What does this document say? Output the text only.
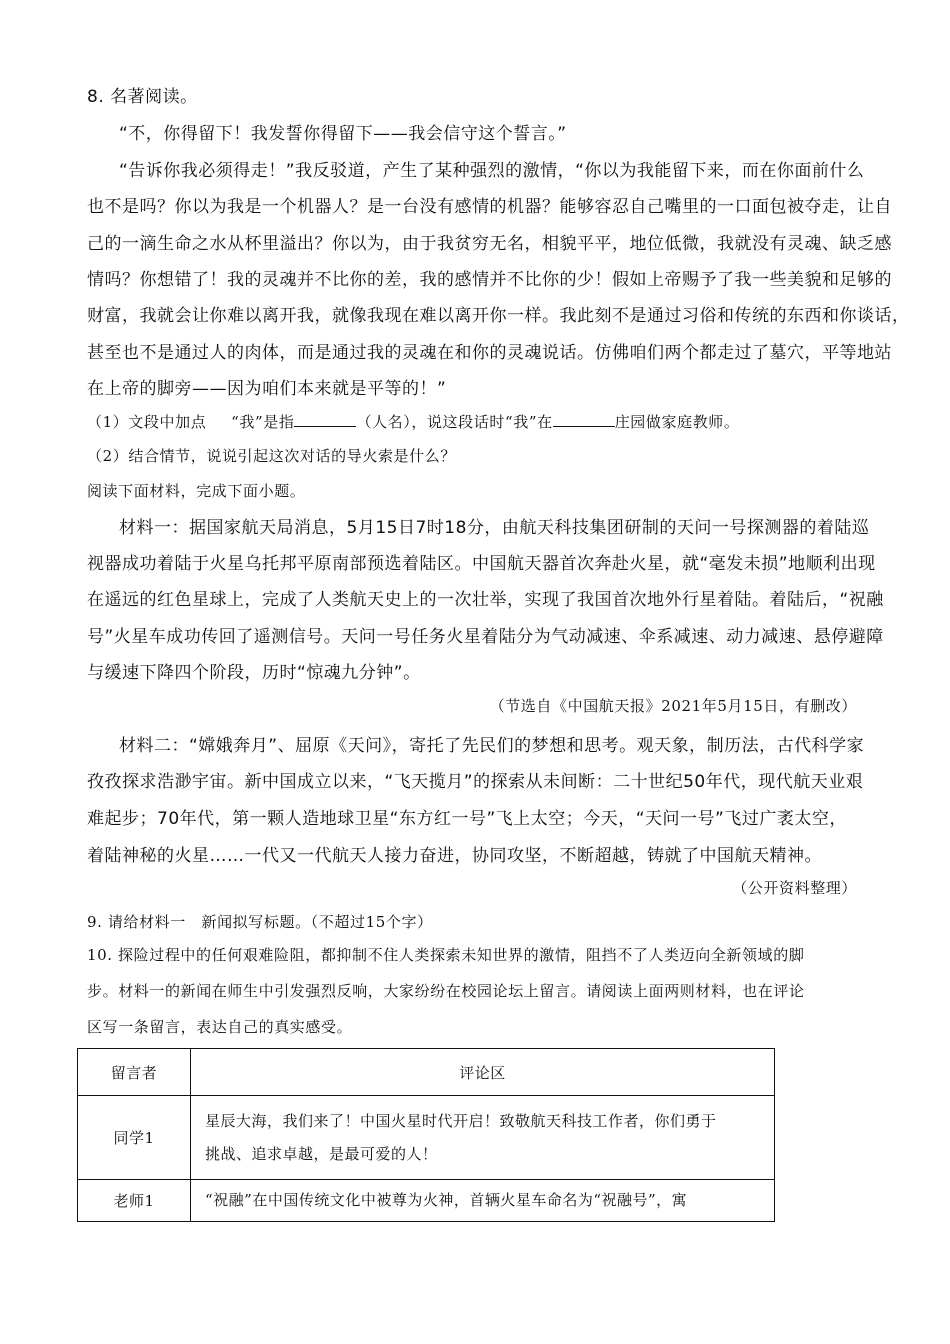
8. 名著阅读。
“不，你得留下！我发誓你得留下——我会信守这个誓言。”
“告诉你我必须得走！”我反驳道，产生了某种强烈的激情，“你以为我能留下来，而在你面前什么
也不是吗？你以为我是一个机器人？是一台没有感情的机器？能够容忍自己嘴里的一口面包被夺走，让自
己的一滴生命之水从杯里溢出？你以为，由于我贫穷无名，相貌平平，地位低微，我就没有灵魂、缺乏感
情吗？你想错了！我的灵魂并不比你的差，我的感情并不比你的少！假如上帝赐予了我一些美貌和足够的
财富，我就会让你难以离开我，就像我现在难以离开你一样。我此刻不是通过习俗和传统的东西和你谈话，
甚至也不是通过人的肉体，而是通过我的灵魂在和你的灵魂说话。仿佛咱们两个都走过了墓穴，平等地站
在上帝的脚旁——因为咱们本来就是平等的！”
（1）文段中加点 “我”是指	（人名），说这段话时“我”在	庄园做家庭教师。
（2）结合情节，说说引起这次对话的导火索是什么？
阅读下面材料，完成下面小题。
材料一：据国家航天局消息，5月15日7时18分，由航天科技集团研制的天问一号探测器的着陆巡
视器成功着陆于火星乌托邦平原南部预选着陆区。中国航天器首次奔赴火星，就“毫发未损”地顺利出现
在遥远的红色星球上，完成了人类航天史上的一次壮举，实现了我国首次地外行星着陆。着陆后，“祝融
号”火星车成功传回了遥测信号。天问一号任务火星着陆分为气动减速、伞系减速、动力减速、悬停避障
与缓速下降四个阶段，历时“惊魂九分钟”。
（节选自《中国航天报》2021年5月15日，有删改）
材料二：“嫦娥奔月”、屈原《天问》，寄托了先民们的梦想和思考。观天象，制历法，古代科学家
孜孜探求浩渺宇宙。新中国成立以来，“飞天揽月”的探索从未间断：二十世纪50年代，现代航天业艰
难起步；70年代，第一颗人造地球卫星“东方红一号”飞上太空；今天，“天问一号”飞过广袤太空，
着陆神秘的火星……一代又一代航天人接力奋进，协同攻坚，不断超越，铸就了中国航天精神。
（公开资料整理）
9. 请给材料一　新闻拟写标题。（不超过15个字）
10. 探险过程中的任何艰难险阻，都抑制不住人类探索未知世界的激情，阻挡不了人类迈向全新领域的脚
步。材料一的新闻在师生中引发强烈反响，大家纷纷在校园论坛上留言。请阅读上面两则材料，也在评论
区写一条留言，表达自己的真实感受。
留言者	评论区
同学1	星辰大海，我们来了！中国火星时代开启！致敬航天科技工作者，你们勇于
挑战、追求卓越，是最可爱的人！

老师1	“祝融”在中国传统文化中被尊为火神，首辆火星车命名为“祝融号”，寓
